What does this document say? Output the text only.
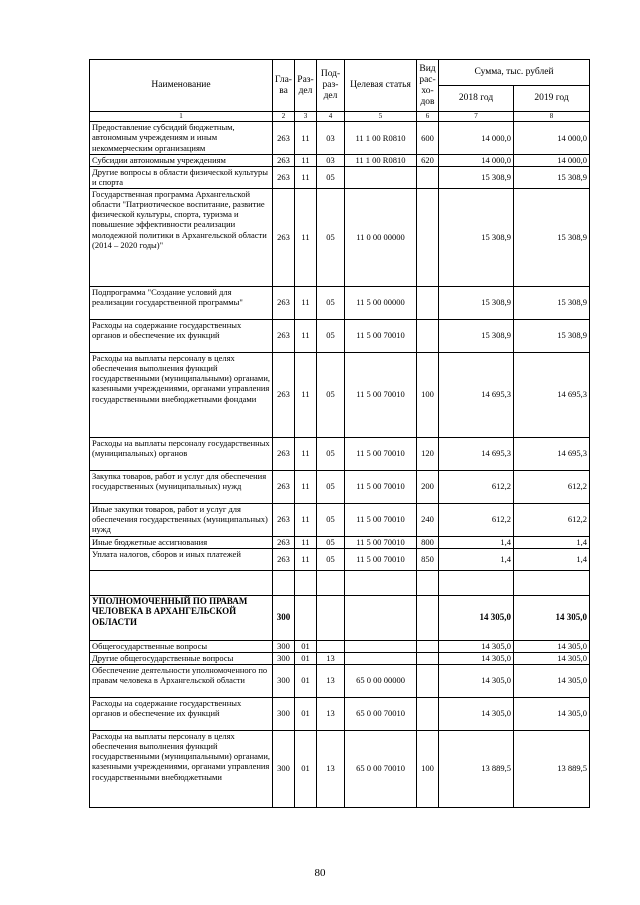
Наименование	Гла-ва	Раз-дел	Под-раз-дел	Целевая статья	Вид рас-хо-дов	Сумма, тыс. рублей	
						2018 год	2019 год
1	2	3	4	5	6	7	8
Предоставление субсидий бюджетным, автономным учреждениям и иным некоммерческим организациям	263	11	03	11 1 00 R0810	600	14 000,0	14 000,0
Субсидии автономным учреждениям	263	11	03	11 1 00 R0810	620	14 000,0	14 000,0
Другие вопросы в области физической культуры и спорта	263	11	05			15 308,9	15 308,9
Государственная программа Архангельской области "Патриотическое воспитание, развитие физической культуры, спорта, туризма и повышение эффективности реализации молодежной политики в Архангельской области (2014 – 2020 годы)"	263	11	05	11 0 00 00000		15 308,9	15 308,9
Подпрограмма "Создание условий для реализации государственной программы"	263	11	05	11 5 00 00000		15 308,9	15 308,9
Расходы на содержание государственных органов и обеспечение их функций	263	11	05	11 5 00 70010		15 308,9	15 308,9
Расходы на выплаты персоналу в целях обеспечения выполнения функций государственными (муниципальными) органами, казенными учреждениями, органами управления государственными внебюджетными фондами	263	11	05	11 5 00 70010	100	14 695,3	14 695,3
Расходы на выплаты персоналу государственных (муниципальных) органов	263	11	05	11 5 00 70010	120	14 695,3	14 695,3
Закупка товаров, работ и услуг для обеспечения государственных (муниципальных) нужд	263	11	05	11 5 00 70010	200	612,2	612,2
Иные закупки товаров, работ и услуг для обеспечения государственных (муниципальных) нужд	263	11	05	11 5 00 70010	240	612,2	612,2
Иные бюджетные ассигнования	263	11	05	11 5 00 70010	800	1,4	1,4
Уплата налогов, сборов и иных платежей	263	11	05	11 5 00 70010	850	1,4	1,4

УПОЛНОМОЧЕННЫЙ ПО ПРАВАМ ЧЕЛОВЕКА В АРХАНГЕЛЬСКОЙ ОБЛАСТИ	300					14 305,0	14 305,0
Общегосударственные вопросы	300	01				14 305,0	14 305,0
Другие общегосударственные вопросы	300	01	13			14 305,0	14 305,0
Обеспечение деятельности уполномоченного по правам человека в Архангельской области	300	01	13	65 0 00 00000		14 305,0	14 305,0
Расходы на содержание государственных органов и обеспечение их функций	300	01	13	65 0 00 70010		14 305,0	14 305,0
Расходы на выплаты персоналу в целях обеспечения выполнения функций государственными (муниципальными) органами, казенными учреждениями, органами управления государственными внебюджетными	300	01	13	65 0 00 70010	100	13 889,5	13 889,5
80
